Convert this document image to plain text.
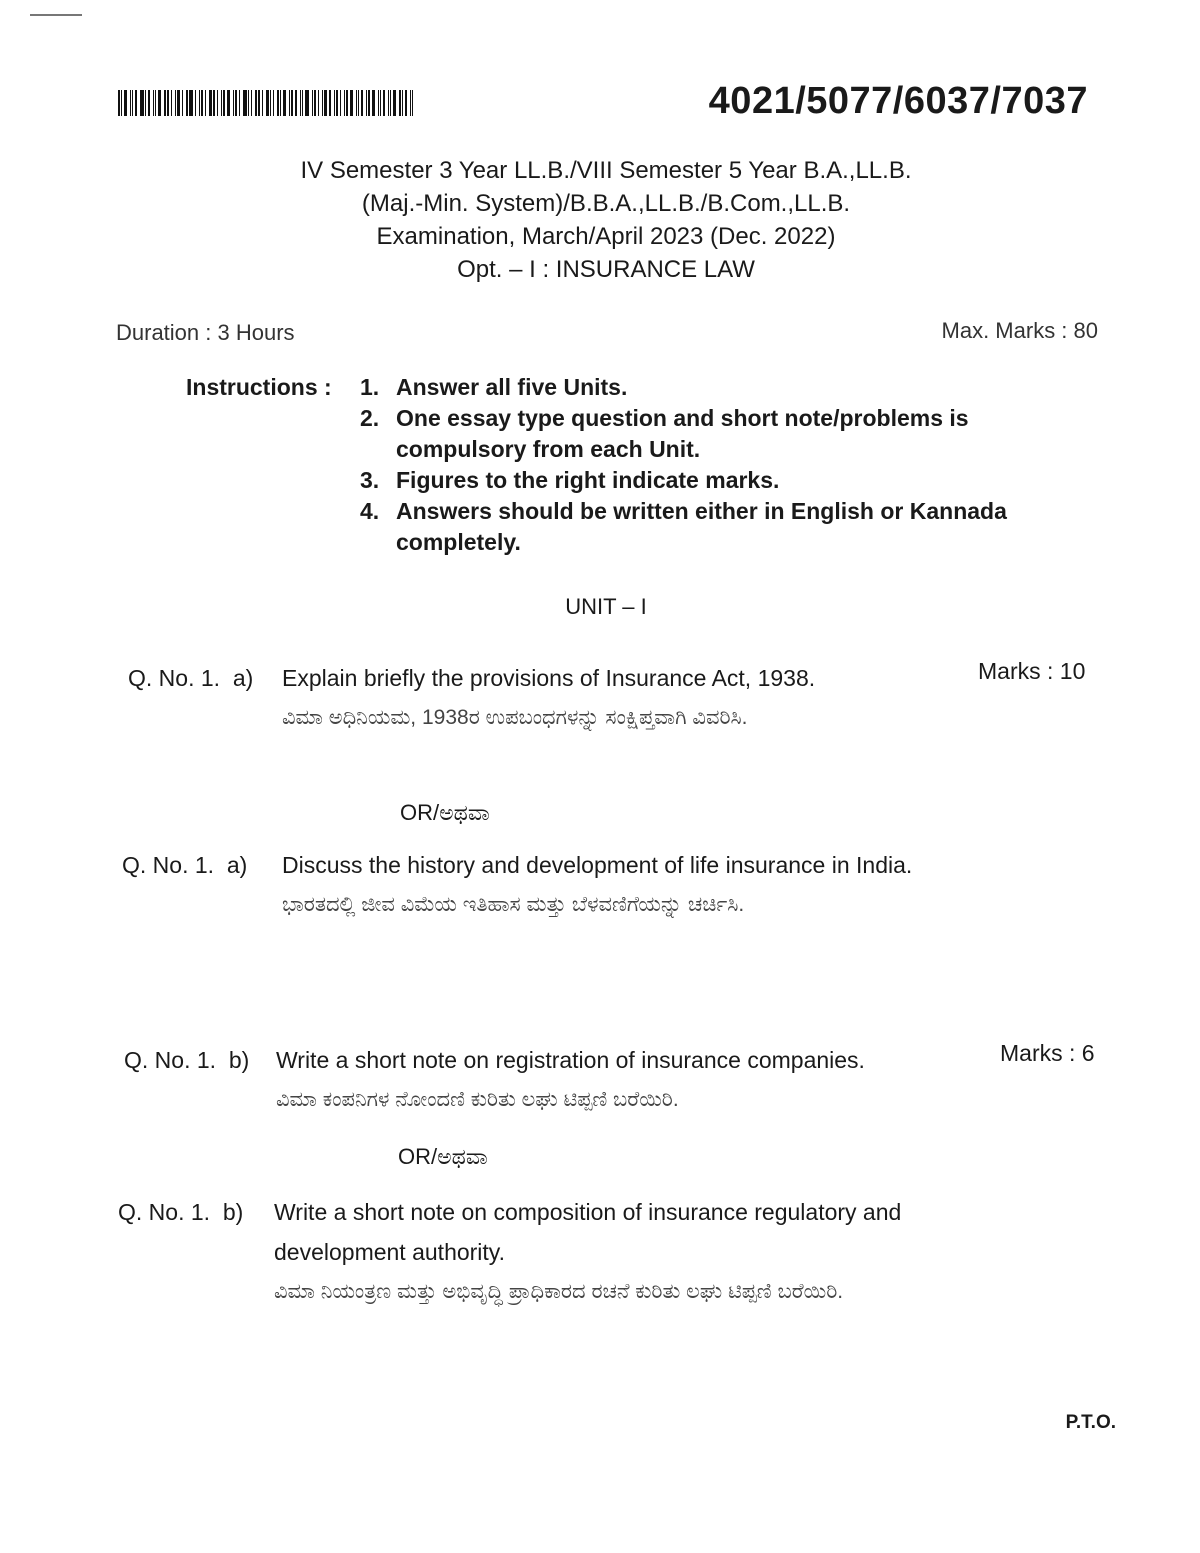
4021/5077/6037/7037
IV Semester 3 Year LL.B./VIII Semester 5 Year B.A.,LL.B.
(Maj.-Min. System)/B.B.A.,LL.B./B.Com.,LL.B.
Examination, March/April 2023 (Dec. 2022)
Opt. – I : INSURANCE LAW
Duration : 3 Hours	Max. Marks : 80
Instructions : 1. Answer all five Units.
2. One essay type question and short note/problems is compulsory from each Unit.
3. Figures to the right indicate marks.
4. Answers should be written either in English or Kannada completely.
UNIT – I
Q. No. 1. a) Explain briefly the provisions of Insurance Act, 1938.
ವಿಮಾ ಅಧಿನಿಯಮ, 1938ರ ಉಪಬಂಧಗಳನ್ನು ಸಂಕ್ಷಿಪ್ತವಾಗಿ ವಿವರಿಸಿ.
Marks : 10
OR/ಅಥವಾ
Q. No. 1. a) Discuss the history and development of life insurance in India.
ಭಾರತದಲ್ಲಿ ಜೀವ ವಿಮೆಯ ಇತಿಹಾಸ ಮತ್ತು ಬೆಳವಣಿಗೆಯನ್ನು ಚರ್ಚಿಸಿ.
Q. No. 1. b) Write a short note on registration of insurance companies.
ವಿಮಾ ಕಂಪನಿಗಳ ನೋಂದಣಿ ಕುರಿತು ಲಘು ಟಿಪ್ಪಣಿ ಬರೆಯಿರಿ.
Marks : 6
OR/ಅಥವಾ
Q. No. 1. b) Write a short note on composition of insurance regulatory and development authority.
ವಿಮಾ ನಿಯಂತ್ರಣ ಮತ್ತು ಅಭಿವೃದ್ಧಿ ಪ್ರಾಧಿಕಾರದ ರಚನೆ ಕುರಿತು ಲಘು ಟಿಪ್ಪಣಿ ಬರೆಯಿರಿ.
P.T.O.
